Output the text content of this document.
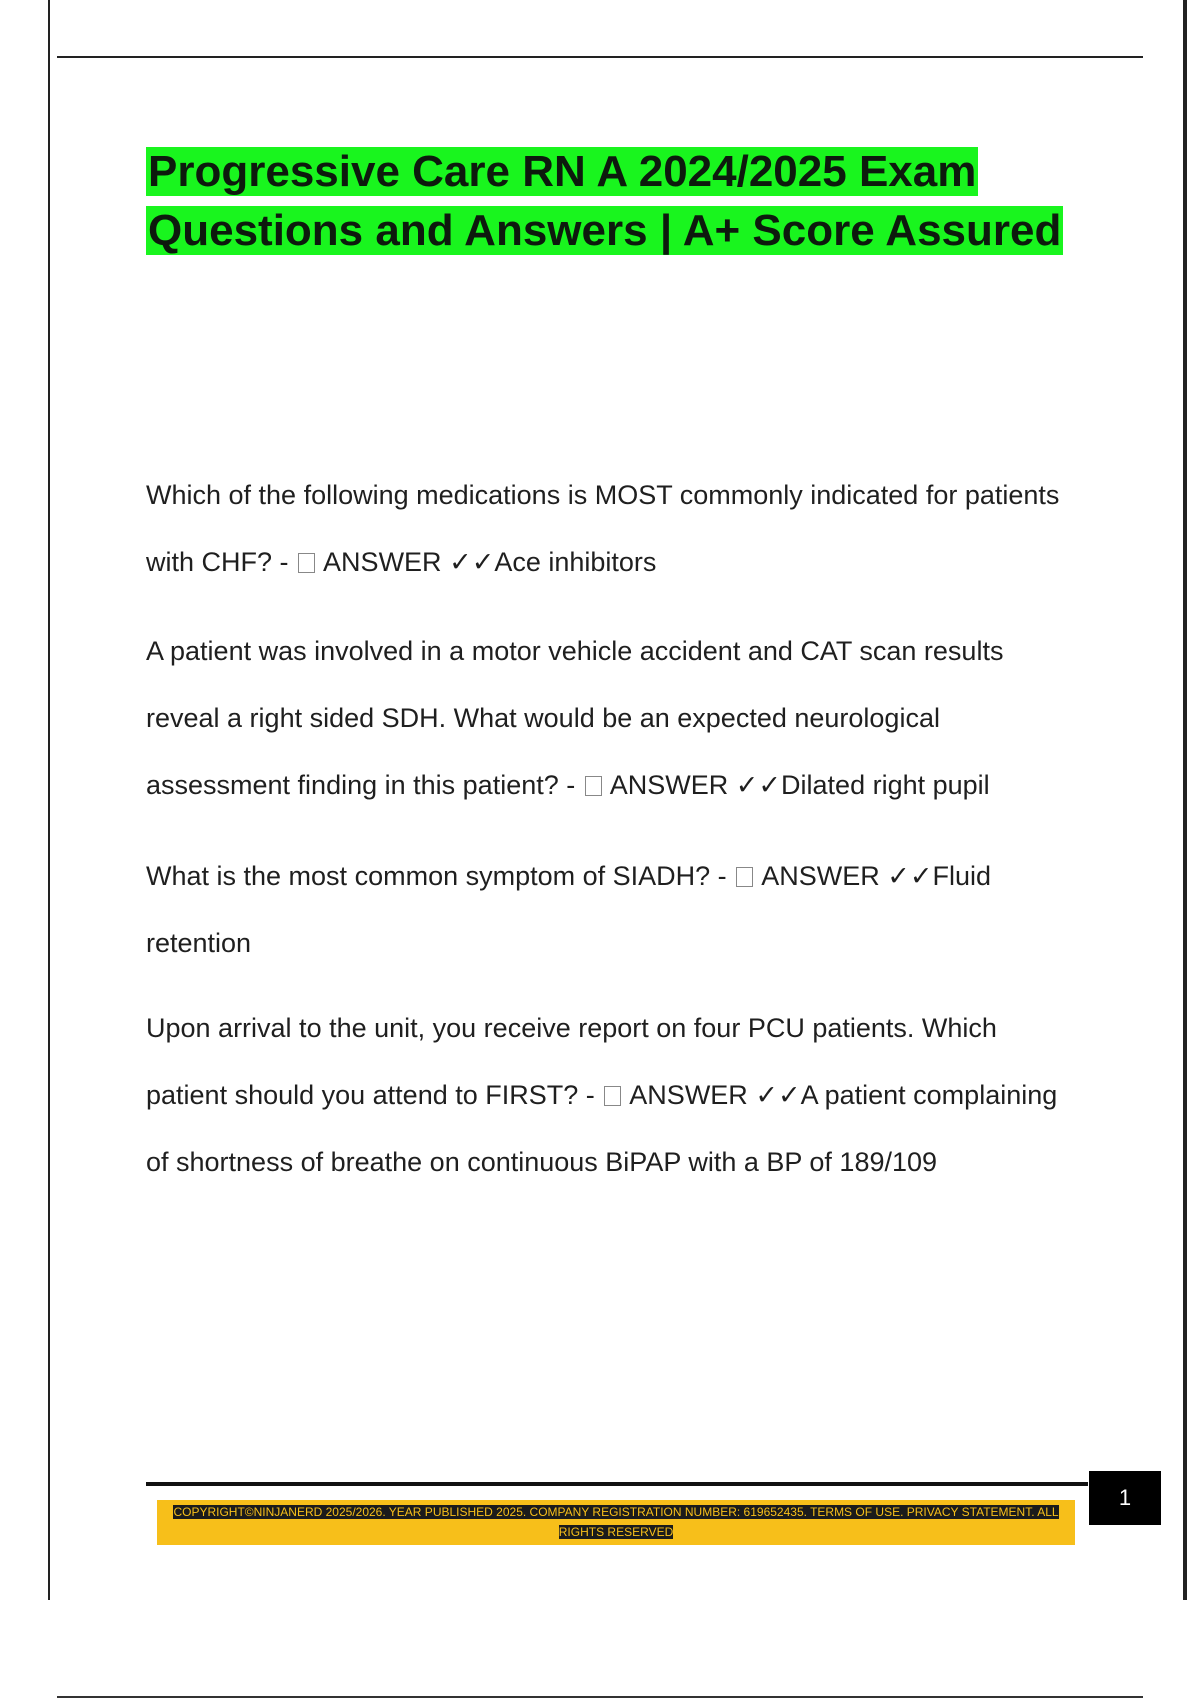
Progressive Care RN A 2024/2025 Exam Questions and Answers | A+ Score Assured

Which of the following medications is MOST commonly indicated for patients with CHF? - ANSWER ✓✓Ace inhibitors

A patient was involved in a motor vehicle accident and CAT scan results reveal a right sided SDH. What would be an expected neurological assessment finding in this patient? - ANSWER ✓✓Dilated right pupil

What is the most common symptom of SIADH? - ANSWER ✓✓Fluid retention

Upon arrival to the unit, you receive report on four PCU patients. Which patient should you attend to FIRST? - ANSWER ✓✓A patient complaining of shortness of breathe on continuous BiPAP with a BP of 189/109

COPYRIGHT©NINJANERD 2025/2026. YEAR PUBLISHED 2025. COMPANY REGISTRATION NUMBER: 619652435. TERMS OF USE. PRIVACY STATEMENT. ALL RIGHTS RESERVED

1
